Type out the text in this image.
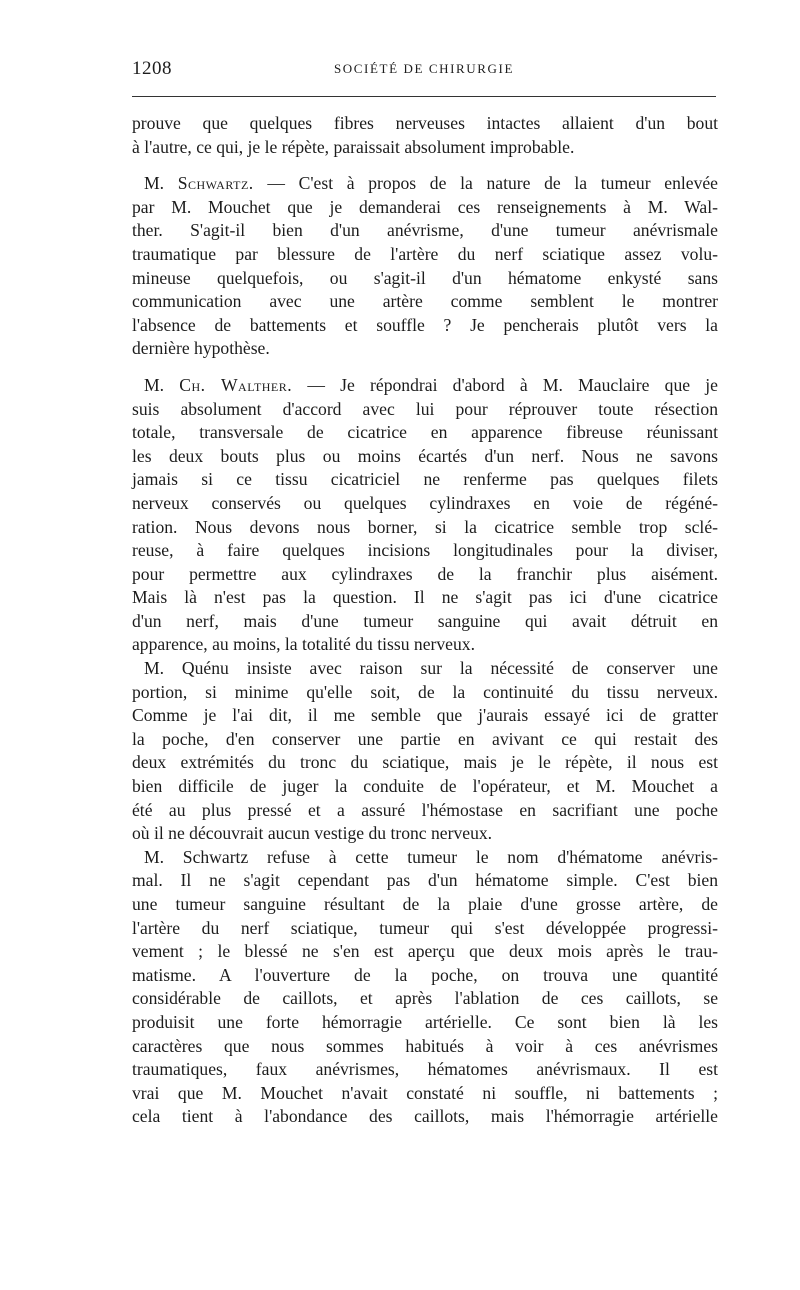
1208	SOCIÉTÉ DE CHIRURGIE
prouve que quelques fibres nerveuses intactes allaient d'un bout
à l'autre, ce qui, je le répète, paraissait absolument improbable.
M. Schwartz. — C'est à propos de la nature de la tumeur enlevée
par M. Mouchet que je demanderai ces renseignements à M. Wal-
ther. S'agit-il bien d'un anévrisme, d'une tumeur anévrismale
traumatique par blessure de l'artère du nerf sciatique assez volu-
mineuse quelquefois, ou s'agit-il d'un hématome enkysté sans
communication avec une artère comme semblent le montrer
l'absence de battements et souffle ? Je pencherais plutôt vers la
dernière hypothèse.
M. Ch. Walther. — Je répondrai d'abord à M. Mauclaire que je
suis absolument d'accord avec lui pour réprouver toute résection
totale, transversale de cicatrice en apparence fibreuse réunissant
les deux bouts plus ou moins écartés d'un nerf. Nous ne savons
jamais si ce tissu cicatriciel ne renferme pas quelques filets
nerveux conservés ou quelques cylindraxes en voie de régéné-
ration. Nous devons nous borner, si la cicatrice semble trop sclé-
reuse, à faire quelques incisions longitudinales pour la diviser,
pour permettre aux cylindraxes de la franchir plus aisément.
Mais là n'est pas la question. Il ne s'agit pas ici d'une cicatrice
d'un nerf, mais d'une tumeur sanguine qui avait détruit en
apparence, au moins, la totalité du tissu nerveux.
M. Quénu insiste avec raison sur la nécessité de conserver une
portion, si minime qu'elle soit, de la continuité du tissu nerveux.
Comme je l'ai dit, il me semble que j'aurais essayé ici de gratter
la poche, d'en conserver une partie en avivant ce qui restait des
deux extrémités du tronc du sciatique, mais je le répète, il nous est
bien difficile de juger la conduite de l'opérateur, et M. Mouchet a
été au plus pressé et a assuré l'hémostase en sacrifiant une poche
où il ne découvrait aucun vestige du tronc nerveux.
M. Schwartz refuse à cette tumeur le nom d'hématome anévris-
mal. Il ne s'agit cependant pas d'un hématome simple. C'est bien
une tumeur sanguine résultant de la plaie d'une grosse artère, de
l'artère du nerf sciatique, tumeur qui s'est développée progressi-
vement ; le blessé ne s'en est aperçu que deux mois après le trau-
matisme. A l'ouverture de la poche, on trouva une quantité
considérable de caillots, et après l'ablation de ces caillots, se
produisit une forte hémorragie artérielle. Ce sont bien là les
caractères que nous sommes habitués à voir à ces anévrismes
traumatiques, faux anévrismes, hématomes anévrismaux. Il est
vrai que M. Mouchet n'avait constaté ni souffle, ni battements ;
cela tient à l'abondance des caillots, mais l'hémorragie artérielle
